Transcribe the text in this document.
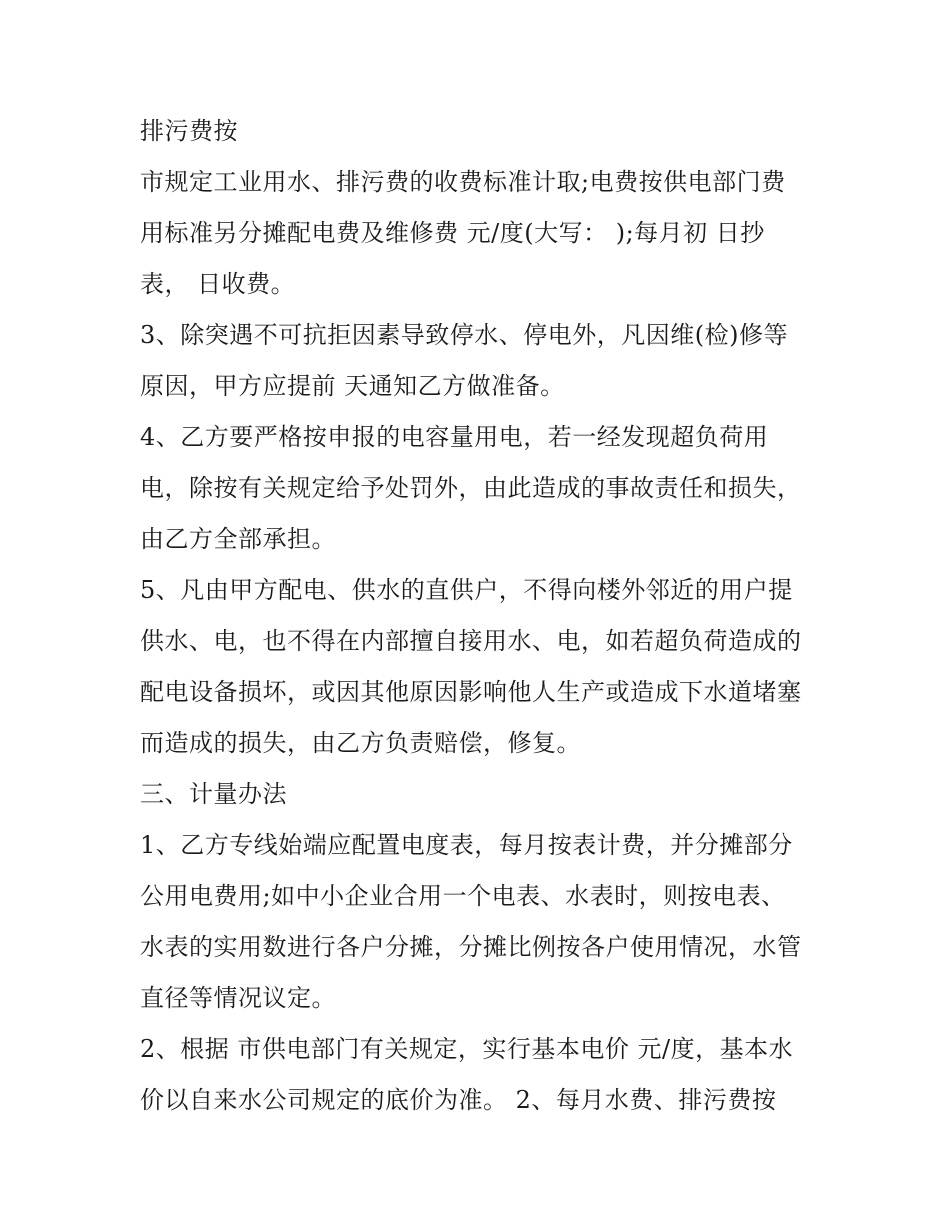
排污费按
市规定工业用水、排污费的收费标准计取;电费按供电部门费
用标准另分摊配电费及维修费 元/度(大写： );每月初 日抄
表， 日收费。
3、除突遇不可抗拒因素导致停水、停电外，凡因维(检)修等
原因，甲方应提前 天通知乙方做准备。
4、乙方要严格按申报的电容量用电，若一经发现超负荷用
电，除按有关规定给予处罚外，由此造成的事故责任和损失，
由乙方全部承担。
5、凡由甲方配电、供水的直供户，不得向楼外邻近的用户提
供水、电，也不得在内部擅自接用水、电，如若超负荷造成的
配电设备损坏，或因其他原因影响他人生产或造成下水道堵塞
而造成的损失，由乙方负责赔偿，修复。
三、计量办法
1、乙方专线始端应配置电度表，每月按表计费，并分摊部分
公用电费用;如中小企业合用一个电表、水表时，则按电表、
水表的实用数进行各户分摊，分摊比例按各户使用情况，水管
直径等情况议定。
2、根据 市供电部门有关规定，实行基本电价 元/度，基本水
价以自来水公司规定的底价为准。 2、每月水费、排污费按
